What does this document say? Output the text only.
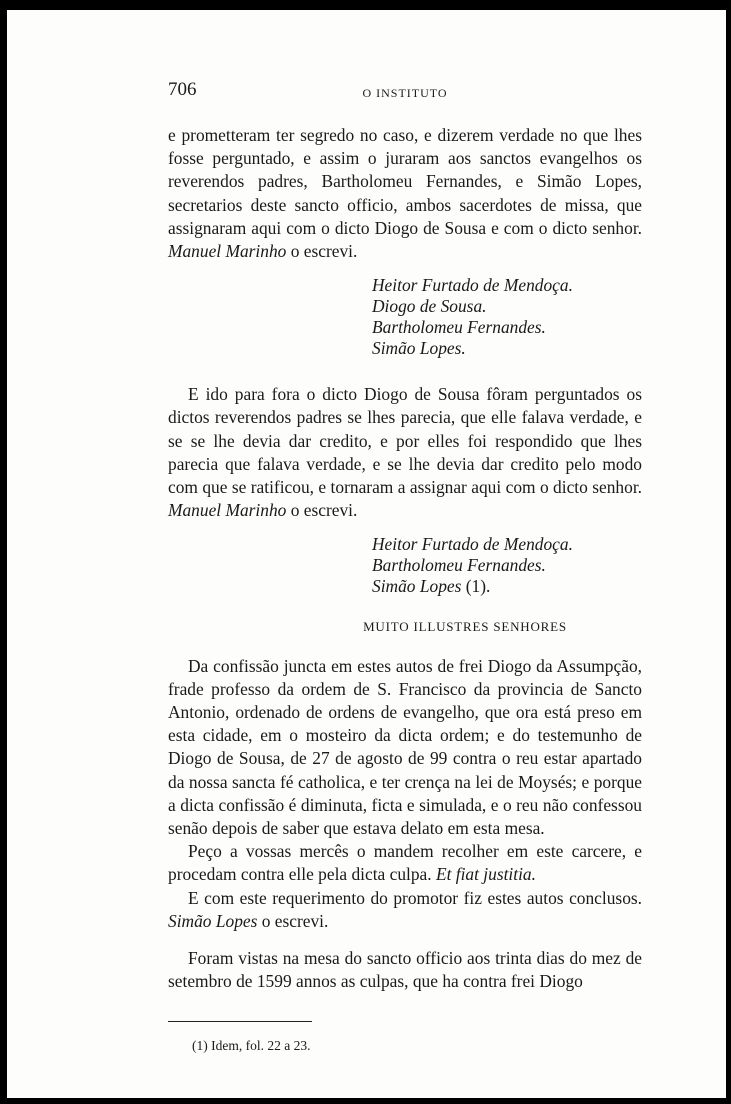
706	O INSTITUTO

e prometteram ter segredo no caso, e dizerem verdade no que lhes fosse perguntado, e assim o juraram aos sanctos evangelhos os reverendos padres, Bartholomeu Fernandes, e Simão Lopes, secretarios deste sancto officio, ambos sacerdotes de missa, que assignaram aqui com o dicto Diogo de Sousa e com o dicto senhor. Manuel Marinho o escrevi.

Heitor Furtado de Mendoça.
Diogo de Sousa.
Bartholomeu Fernandes.
Simão Lopes.

E ido para fora o dicto Diogo de Sousa fôram perguntados os dictos reverendos padres se lhes parecia, que elle falava verdade, e se se lhe devia dar credito, e por elles foi respondido que lhes parecia que falava verdade, e se lhe devia dar credito pelo modo com que se ratificou, e tornaram a assignar aqui com o dicto senhor. Manuel Marinho o escrevi.

Heitor Furtado de Mendoça.
Bartholomeu Fernandes.
Simão Lopes (1).
MUITO ILLUSTRES SENHORES

Da confissão juncta em estes autos de frei Diogo da Assumpção, frade professo da ordem de S. Francisco da provincia de Sancto Antonio, ordenado de ordens de evangelho, que ora está preso em esta cidade, em o mosteiro da dicta ordem; e do testemunho de Diogo de Sousa, de 27 de agosto de 99 contra o reu estar apartado da nossa sancta fé catholica, e ter crença na lei de Moysés; e porque a dicta confissão é diminuta, ficta e simulada, e o reu não confessou senão depois de saber que estava delato em esta mesa.

Peço a vossas mercês o mandem recolher em este carcere, e procedam contra elle pela dicta culpa. Et fiat justitia.

E com este requerimento do promotor fiz estes autos conclusos. Simão Lopes o escrevi.

Foram vistas na mesa do sancto officio aos trinta dias do mez de setembro de 1599 annos as culpas, que ha contra frei Diogo

(1) Idem, fol. 22 a 23.
